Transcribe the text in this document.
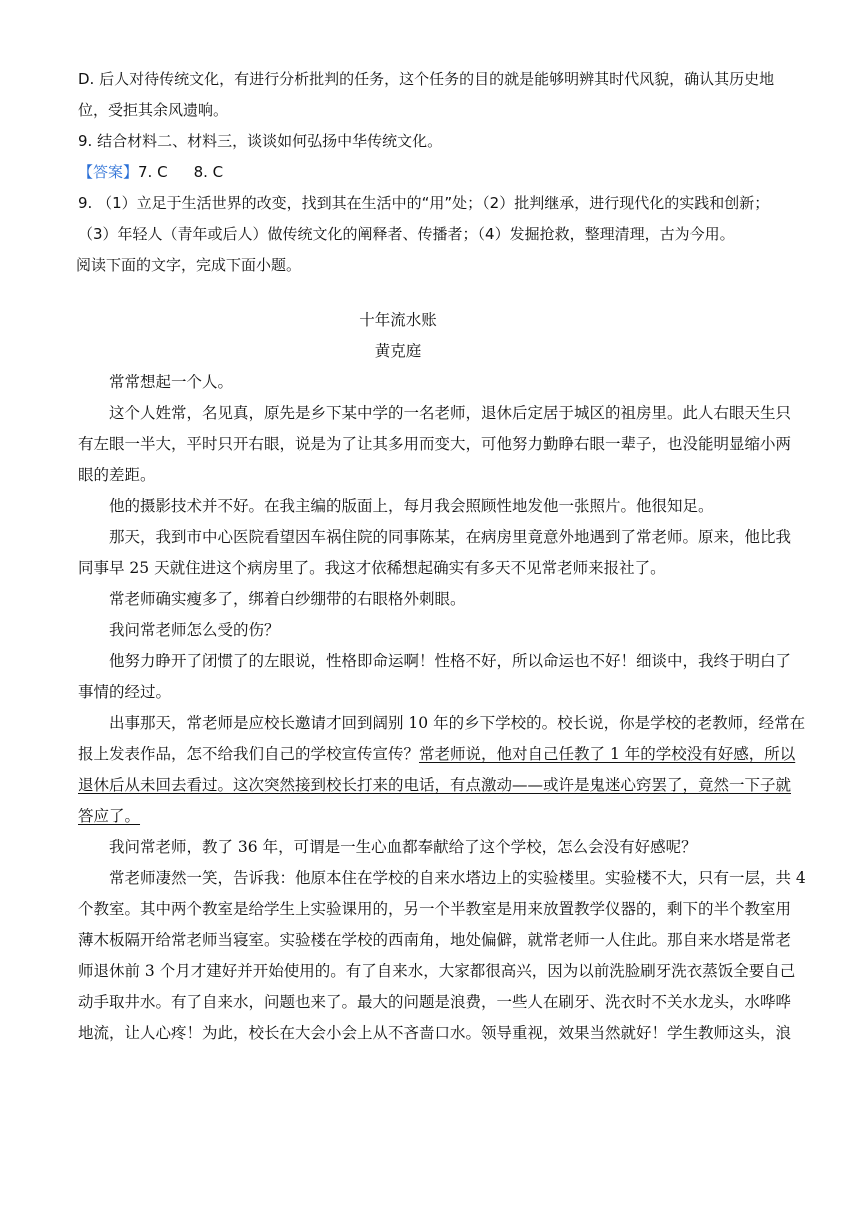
D. 后人对待传统文化，有进行分析批判的任务，这个任务的目的就是能够明辨其时代风貌，确认其历史地

位，受拒其余风遗响。

9. 结合材料二、材料三，谈谈如何弘扬中华传统文化。

【答案】7. C 8. C

9. （1）立足于生活世界的改变，找到其在生活中的“用”处；（2）批判继承，进行现代化的实践和创新；

（3）年轻人（青年或后人）做传统文化的阐释者、传播者；（4）发掘抢救，整理清理，古为今用。

阅读下面的文字，完成下面小题。

十年流水账

黄克庭

常常想起一个人。

这个人姓常，名见真，原先是乡下某中学的一名老师，退休后定居于城区的祖房里。此人右眼天生只

有左眼一半大，平时只开右眼，说是为了让其多用而变大，可他努力勤睁右眼一辈子，也没能明显缩小两

眼的差距。

他的摄影技术并不好。在我主编的版面上，每月我会照顾性地发他一张照片。他很知足。

那天，我到市中心医院看望因车祸住院的同事陈某，在病房里竟意外地遇到了常老师。原来，他比我

同事早 25 天就住进这个病房里了。我这才依稀想起确实有多天不见常老师来报社了。

常老师确实瘦多了，绑着白纱绷带的右眼格外刺眼。

我问常老师怎么受的伤？

他努力睁开了闭惯了的左眼说，性格即命运啊！性格不好，所以命运也不好！细谈中，我终于明白了

事情的经过。

出事那天，常老师是应校长邀请才回到阔别 10 年的乡下学校的。校长说，你是学校的老教师，经常在

报上发表作品，怎不给我们自己的学校宣传宣传？常老师说，他对自己任教了 1 年的学校没有好感，所以

退休后从未回去看过。这次突然接到校长打来的电话，有点激动——或许是鬼迷心窍罢了，竟然一下子就

答应了。

我问常老师，教了 36 年，可谓是一生心血都奉献给了这个学校，怎么会没有好感呢？

常老师凄然一笑，告诉我：他原本住在学校的自来水塔边上的实验楼里。实验楼不大，只有一层，共 4

个教室。其中两个教室是给学生上实验课用的，另一个半教室是用来放置教学仪器的，剩下的半个教室用

薄木板隔开给常老师当寝室。实验楼在学校的西南角，地处偏僻，就常老师一人住此。那自来水塔是常老

师退休前 3 个月才建好并开始使用的。有了自来水，大家都很高兴，因为以前洗脸刷牙洗衣蒸饭全要自己

动手取井水。有了自来水，问题也来了。最大的问题是浪费，一些人在刷牙、洗衣时不关水龙头，水哗哗

地流，让人心疼！为此，校长在大会小会上从不吝啬口水。领导重视，效果当然就好！学生教师这头，浪
